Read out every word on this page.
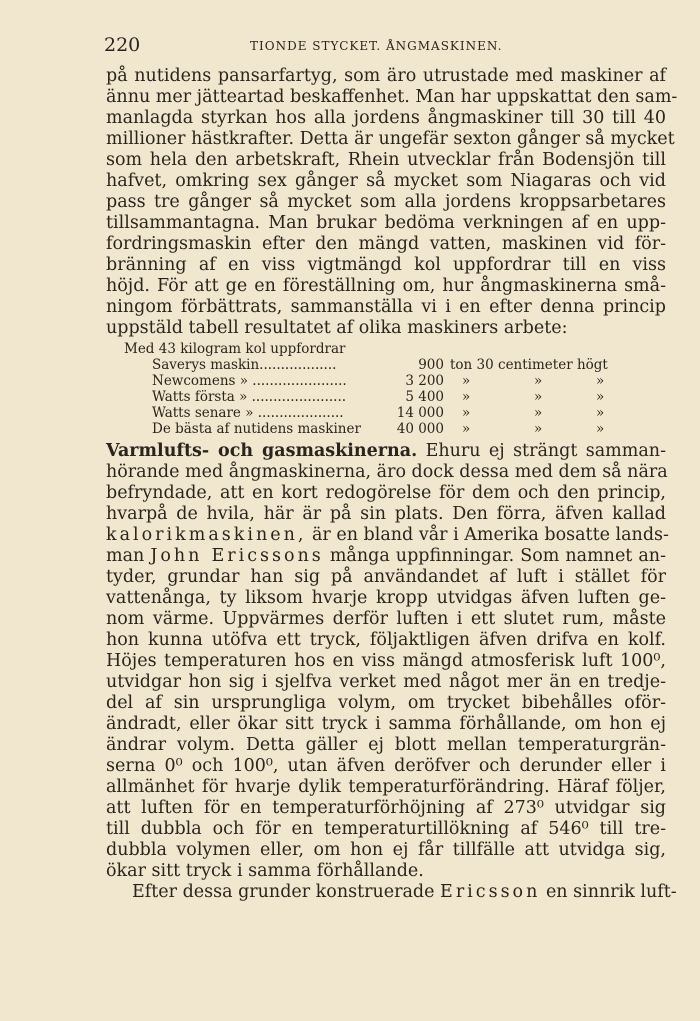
220	TIONDE STYCKET. ÅNGMASKINEN.
på nutidens pansarfartyg, som äro utrustade med maskiner af
ännu mer jätteartad beskaffenhet. Man har uppskattat den sam-
manlagda styrkan hos alla jordens ångmaskiner till 30 till 40
millioner hästkrafter. Detta är ungefär sexton gånger så mycket
som hela den arbetskraft, Rhein utvecklar från Bodensjön till
hafvet, omkring sex gånger så mycket som Niagaras och vid
pass tre gånger så mycket som alla jordens kroppsarbetares
tillsammantagna. Man brukar bedöma verkningen af en upp-
fordringsmaskin efter den mängd vatten, maskinen vid för-
bränning af en viss vigtmängd kol uppfordrar till en viss
höjd. För att ge en föreställning om, hur ångmaskinerna små-
ningom förbättrats, sammanställa vi i en efter denna princip
uppstäld tabell resultatet af olika maskiners arbete:
Med 43 kilogram kol uppfordrar
Saverys maskin..................	900 ton 30 centimeter högt
Newcomens » ......................	3 200 »	»	»
Watts första » ......................	5 400 »	»	»
Watts senare » ....................	14 000 »	»	»
De bästa af nutidens maskiner	40 000 »	»	»
Varmlufts- och gasmaskinerna. Ehuru ej strängt samman-
hörande med ångmaskinerna, äro dock dessa med dem så nära
befryndade, att en kort redogörelse för dem och den princip,
hvarpå de hvila, här är på sin plats. Den förra, äfven kallad
kalorikmaskinen, är en bland vår i Amerika bosatte lands-
man John Ericssons många uppfinningar. Som namnet an-
tyder, grundar han sig på användandet af luft i stället för
vattenånga, ty liksom hvarje kropp utvidgas äfven luften ge-
nom värme. Uppvärmes derför luften i ett slutet rum, måste
hon kunna utöfva ett tryck, följaktligen äfven drifva en kolf.
Höjes temperaturen hos en viss mängd atmosferisk luft 100⁰,
utvidgar hon sig i sjelfva verket med något mer än en tredje-
del af sin ursprungliga volym, om trycket bibehålles oför-
ändradt, eller ökar sitt tryck i samma förhållande, om hon ej
ändrar volym. Detta gäller ej blott mellan temperaturgrän-
serna 0⁰ och 100⁰, utan äfven deröfver och derunder eller i
allmänhet för hvarje dylik temperaturförändring. Häraf följer,
att luften för en temperaturförhöjning af 273⁰ utvidgar sig
till dubbla och för en temperaturtillökning af 546⁰ till tre-
dubbla volymen eller, om hon ej får tillfälle att utvidga sig,
ökar sitt tryck i samma förhållande.
Efter dessa grunder konstruerade Ericsson en sinnrik luft-
